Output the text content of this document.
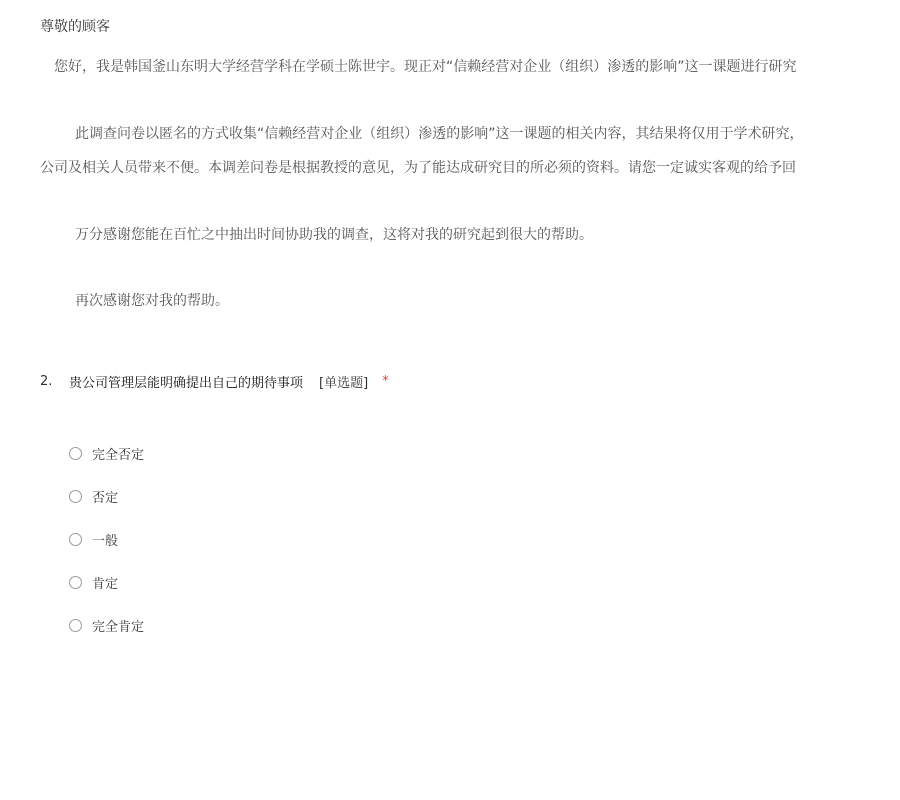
尊敬的顾客
您好，我是韩国釜山东明大学经营学科在学硕士陈世宇。现正对“信赖经营对企业（组织）渗透的影响”这一课题进行研究
此调查问卷以匿名的方式收集“信赖经营对企业（组织）渗透的影响”这一课题的相关内容，其结果将仅用于学术研究，
公司及相关人员带来不便。本调差问卷是根据教授的意见，为了能达成研究目的所必须的资料。请您一定诚实客观的给予回
万分感谢您能在百忙之中抽出时间协助我的调查，这将对我的研究起到很大的帮助。
再次感谢您对我的帮助。
2.	贵公司管理层能明确提出自己的期待事项 [单选题] *
完全否定
否定
一般
肯定
完全肯定
